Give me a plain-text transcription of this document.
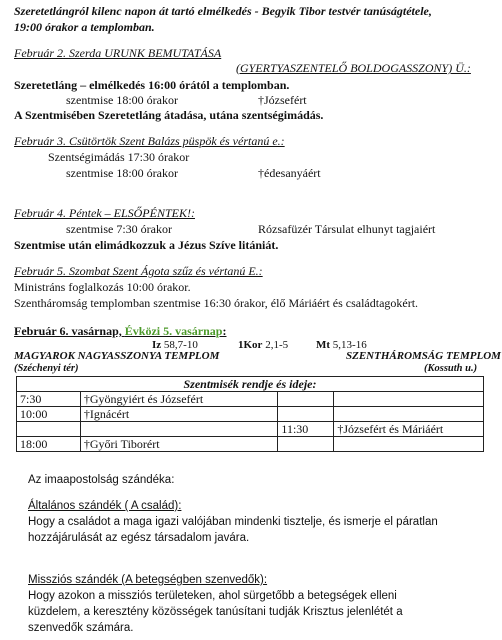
Szeretetlángról kilenc napon át tartó elmélkedés - Begyik Tibor testvér tanúságtétele,
19:00 órakor a templomban.
Február 2. Szerda URUNK BEMUTATÁSA
(GYERTYASZENTELŐ BOLDOGASSZONY) Ü.:
Szeretetláng – elmélkedés 16:00 órától a templomban.
szentmise 18:00 órakor	†Józsefért
A Szentmisében Szeretetláng átadása, utána szentségimádás.
Február 3. Csütörtök Szent Balázs püspök és vértanú e.:
Szentségimádás 17:30 órakor
szentmise 18:00 órakor	†édesanyáért
Február 4. Péntek – ELSŐPÉNTEK!:
szentmise 7:30 órakor	Rózsafüzér Társulat elhunyt tagjaiért
Szentmise után elimádkozzuk a Jézus Szíve litániát.
Február 5. Szombat Szent Ágota szűz és vértanú E.:
Ministráns foglalkozás 10:00 órakor.
Szentháromság templomban szentmise 16:30 órakor, élő Máriáért és családtagokért.
Február 6. vasárnap, Évközi 5. vasárnap:
Iz 58,7-10	1Kor 2,1-5	Mt 5,13-16
MAGYAROK NAGYASSZONYA TEMPLOM
(Széchenyi tér)
SZENTHÁROMSÁG TEMPLOM
(Kossuth u.)
Szentmisék rendje és ideje:			
7:30	†Gyöngyiért és Józsefért		
10:00	†Ignácért		
		11:30	†Józsefért és Máriáért
18:00	†Győri Tiborért		
Az imaapostolság szándéka:
Általános szándék ( A család):
Hogy a családot a maga igazi valójában mindenki tisztelje, és ismerje el páratlan
hozzájárulását az egész társadalom javára.
Missziós szándék (A betegségben szenvedők):
Hogy azokon a missziós területeken, ahol sürgetőbb a betegségek elleni
küzdelem, a keresztény közösségek tanúsítani tudják Krisztus jelenlétét a
szenvedők számára.
